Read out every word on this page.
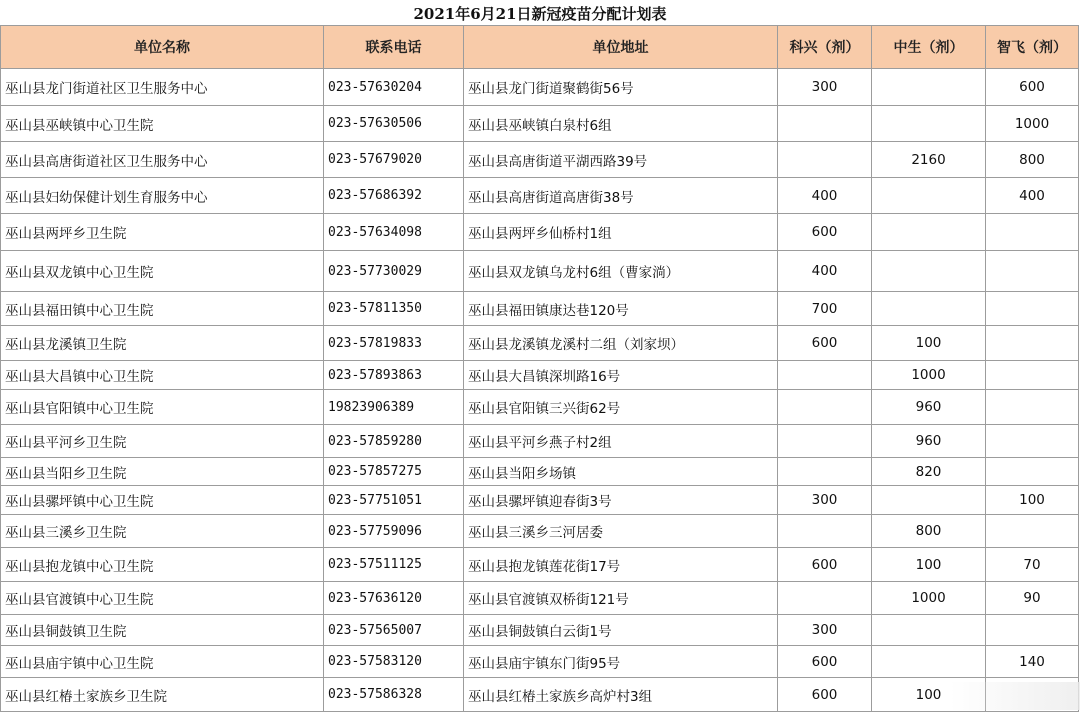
2021年6月21日新冠疫苗分配计划表
单位名称	联系电话	单位地址	科兴（剂）	中生（剂）	智飞（剂）
巫山县龙门街道社区卫生服务中心	023-57630204	巫山县龙门街道聚鹤街56号	300		600
巫山县巫峡镇中心卫生院	023-57630506	巫山县巫峡镇白泉村6组			1000
巫山县高唐街道社区卫生服务中心	023-57679020	巫山县高唐街道平湖西路39号		2160	800
巫山县妇幼保健计划生育服务中心	023-57686392	巫山县高唐街道高唐街38号	400		400
巫山县两坪乡卫生院	023-57634098	巫山县两坪乡仙桥村1组	600		
巫山县双龙镇中心卫生院	023-57730029	巫山县双龙镇乌龙村6组（曹家淌）	400		
巫山县福田镇中心卫生院	023-57811350	巫山县福田镇康达巷120号	700		
巫山县龙溪镇卫生院	023-57819833	巫山县龙溪镇龙溪村二组（刘家坝）	600	100	
巫山县大昌镇中心卫生院	023-57893863	巫山县大昌镇深圳路16号		1000	
巫山县官阳镇中心卫生院	19823906389	巫山县官阳镇三兴街62号		960	
巫山县平河乡卫生院	023-57859280	巫山县平河乡燕子村2组		960	
巫山县当阳乡卫生院	023-57857275	巫山县当阳乡场镇		820	
巫山县骡坪镇中心卫生院	023-57751051	巫山县骡坪镇迎春街3号	300		100
巫山县三溪乡卫生院	023-57759096	巫山县三溪乡三河居委		800	
巫山县抱龙镇中心卫生院	023-57511125	巫山县抱龙镇莲花街17号	600	100	70
巫山县官渡镇中心卫生院	023-57636120	巫山县官渡镇双桥街121号		1000	90
巫山县铜鼓镇卫生院	023-57565007	巫山县铜鼓镇白云街1号	300		
巫山县庙宇镇中心卫生院	023-57583120	巫山县庙宇镇东门街95号	600		140
巫山县红椿土家族乡卫生院	023-57586328	巫山县红椿土家族乡高炉村3组	600	100	
